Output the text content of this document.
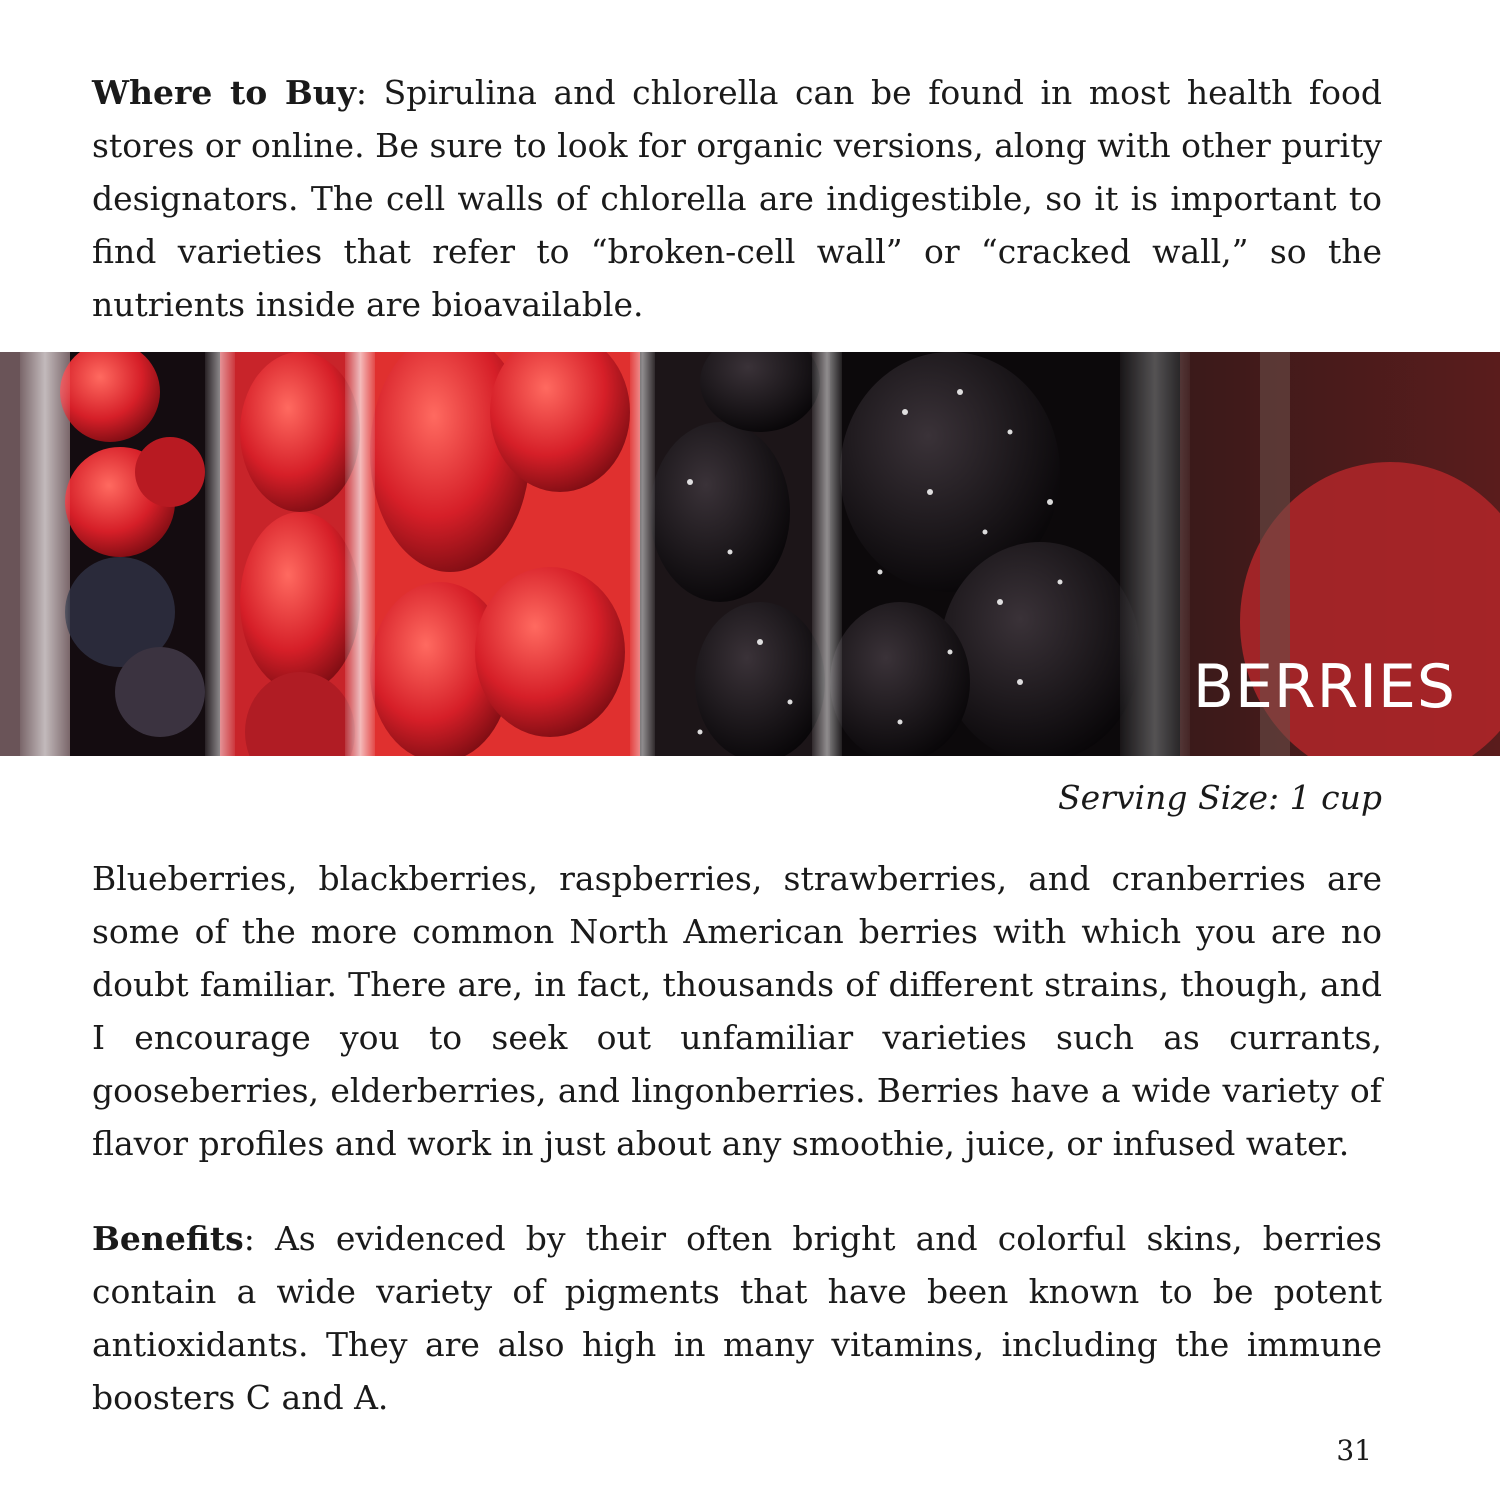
Where to Buy: Spirulina and chlorella can be found in most health food stores or online. Be sure to look for organic versions, along with other purity designators. The cell walls of chlorella are indigestible, so it is important to find varieties that refer to “broken-cell wall” or “cracked wall,” so the nutrients inside are bioavailable.

BERRIES
Serving Size: 1 cup

Blueberries, blackberries, raspberries, strawberries, and cranberries are some of the more common North American berries with which you are no doubt familiar. There are, in fact, thousands of different strains, though, and I encourage you to seek out unfamiliar varieties such as currants, gooseberries, elderberries, and lingonberries. Berries have a wide variety of flavor profiles and work in just about any smoothie, juice, or infused water.

Benefits: As evidenced by their often bright and colorful skins, berries contain a wide variety of pigments that have been known to be potent antioxidants. They are also high in many vitamins, including the immune boosters C and A.

31
